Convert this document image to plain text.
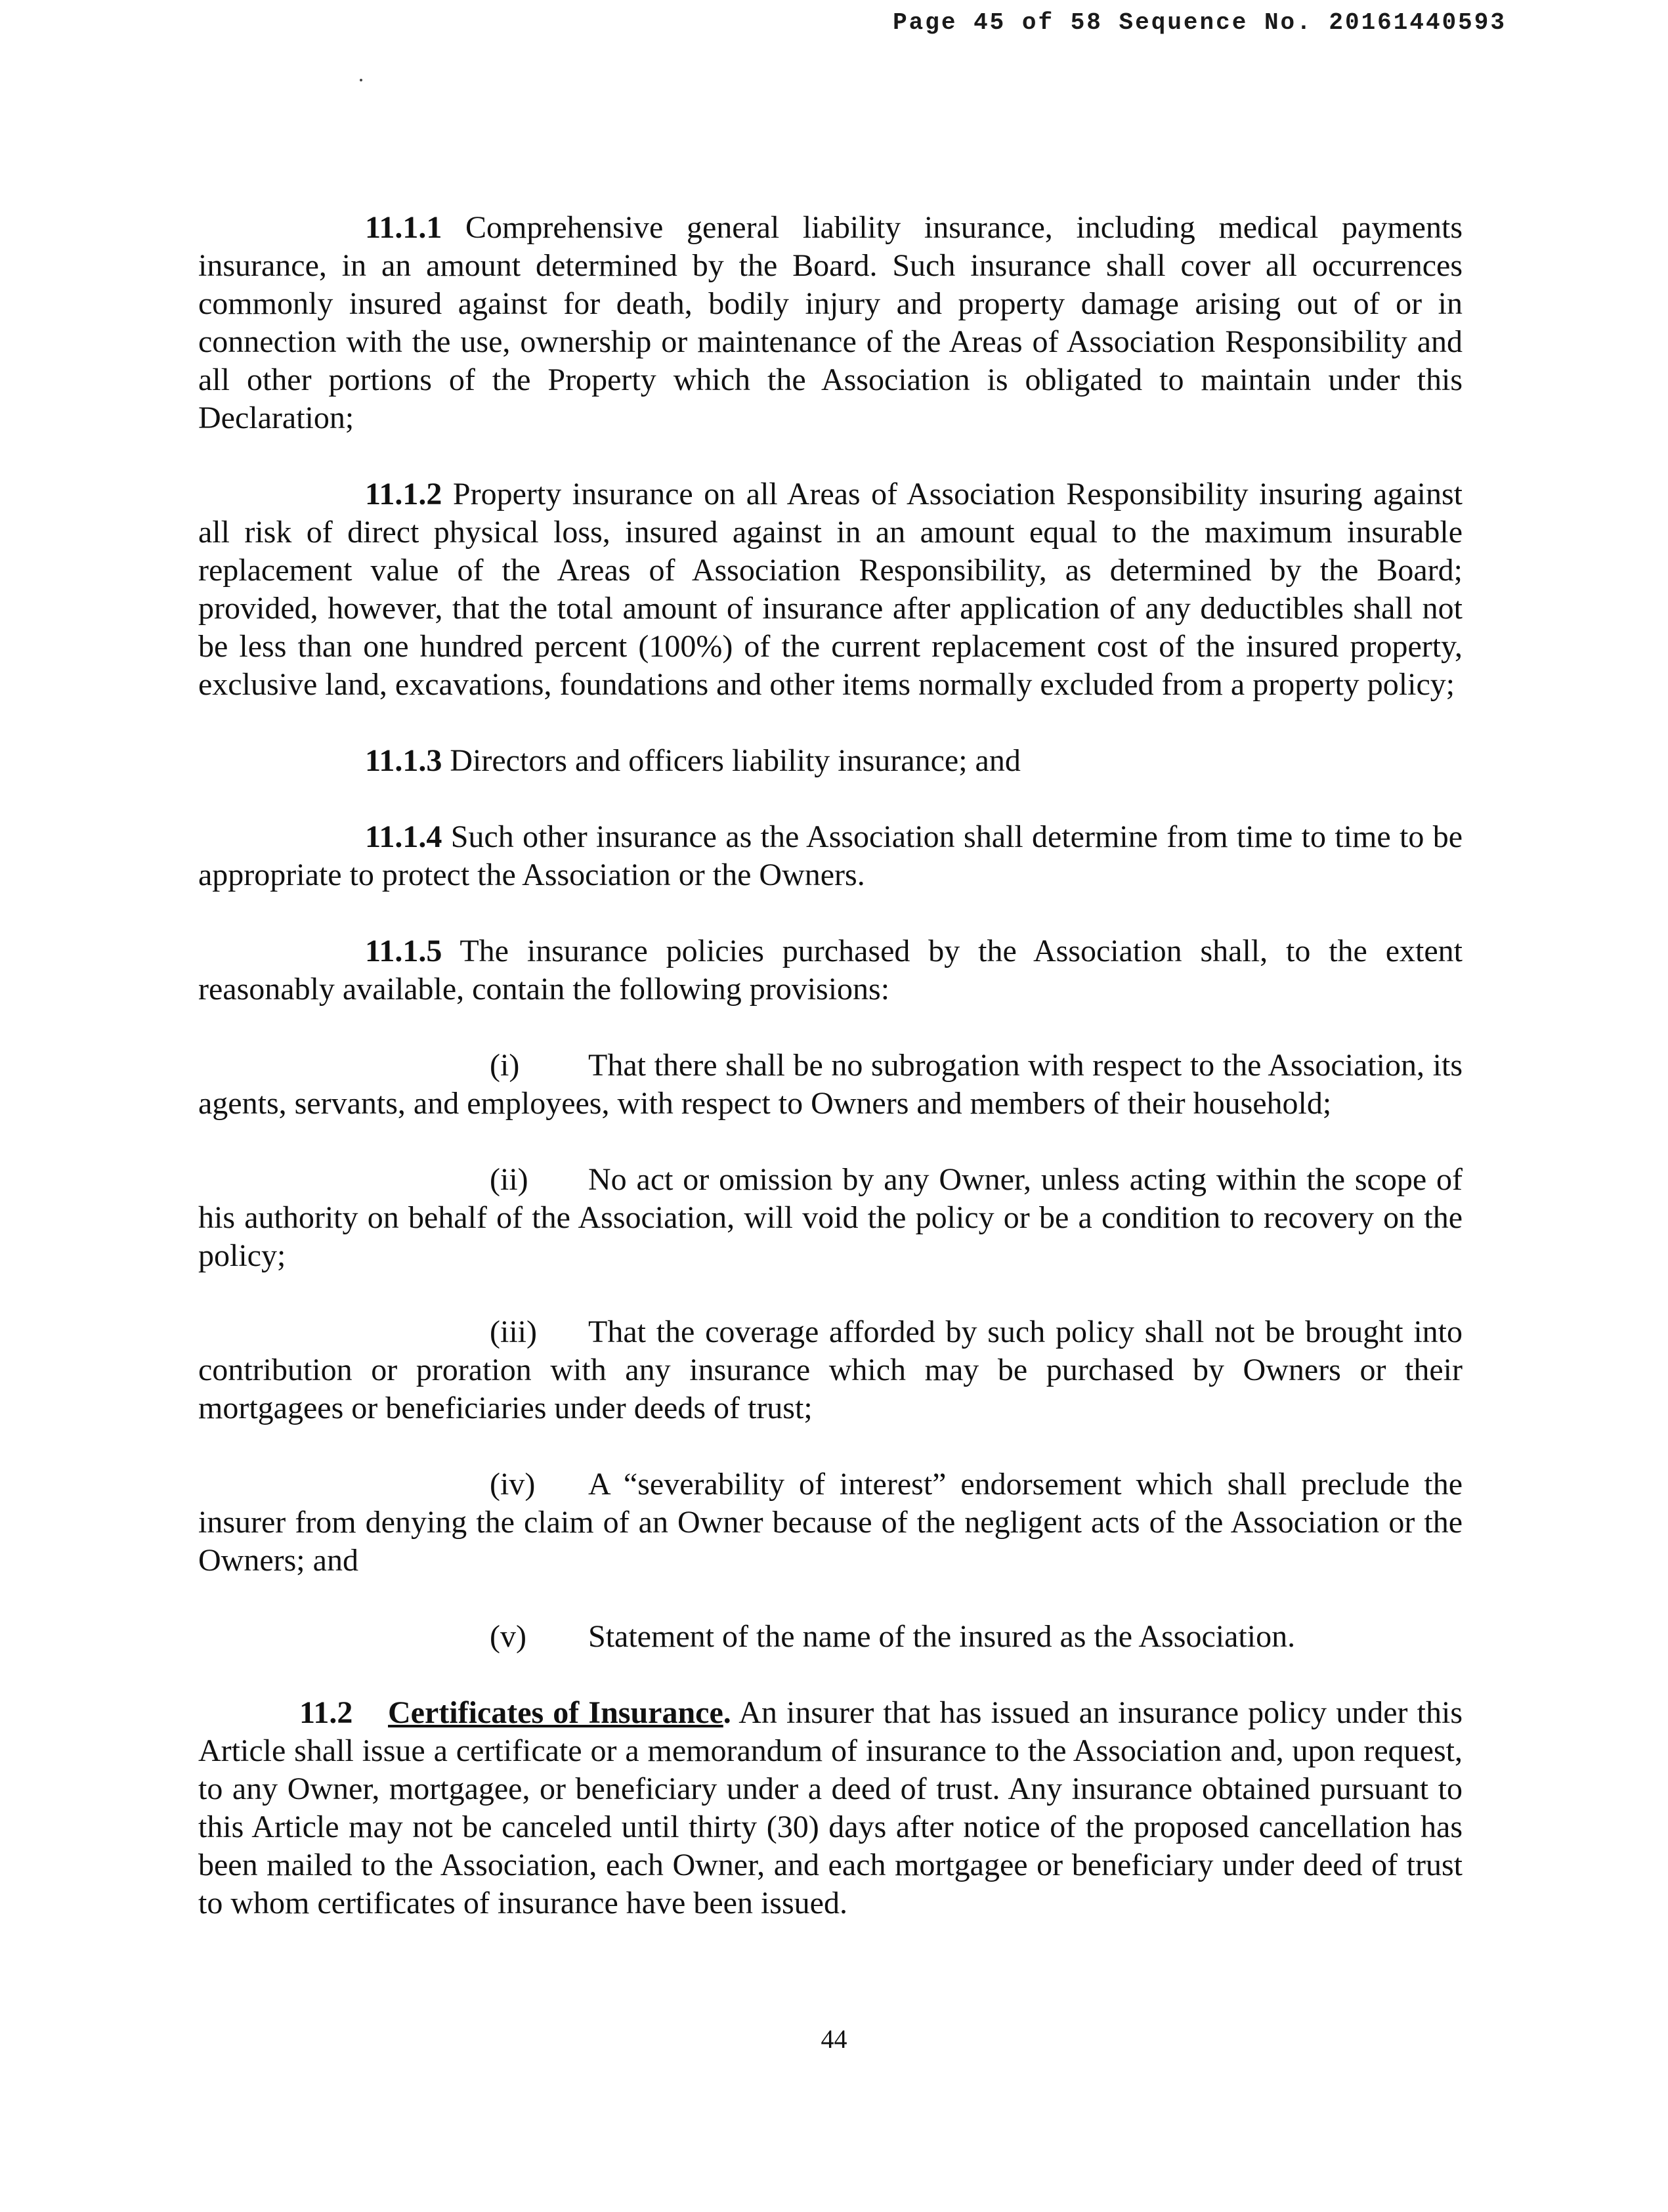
Page 45 of 58 Sequence No. 20161440593

11.1.1 Comprehensive general liability insurance, including medical payments insurance, in an amount determined by the Board. Such insurance shall cover all occurrences commonly insured against for death, bodily injury and property damage arising out of or in connection with the use, ownership or maintenance of the Areas of Association Responsibility and all other portions of the Property which the Association is obligated to maintain under this Declaration;

11.1.2 Property insurance on all Areas of Association Responsibility insuring against all risk of direct physical loss, insured against in an amount equal to the maximum insurable replacement value of the Areas of Association Responsibility, as determined by the Board; provided, however, that the total amount of insurance after application of any deductibles shall not be less than one hundred percent (100%) of the current replacement cost of the insured property, exclusive land, excavations, foundations and other items normally excluded from a property policy;

11.1.3 Directors and officers liability insurance; and

11.1.4 Such other insurance as the Association shall determine from time to time to be appropriate to protect the Association or the Owners.

11.1.5 The insurance policies purchased by the Association shall, to the extent reasonably available, contain the following provisions:

(i) That there shall be no subrogation with respect to the Association, its agents, servants, and employees, with respect to Owners and members of their household;

(ii) No act or omission by any Owner, unless acting within the scope of his authority on behalf of the Association, will void the policy or be a condition to recovery on the policy;

(iii) That the coverage afforded by such policy shall not be brought into contribution or proration with any insurance which may be purchased by Owners or their mortgagees or beneficiaries under deeds of trust;

(iv) A “severability of interest” endorsement which shall preclude the insurer from denying the claim of an Owner because of the negligent acts of the Association or the Owners; and

(v) Statement of the name of the insured as the Association.

11.2 Certificates of Insurance. An insurer that has issued an insurance policy under this Article shall issue a certificate or a memorandum of insurance to the Association and, upon request, to any Owner, mortgagee, or beneficiary under a deed of trust. Any insurance obtained pursuant to this Article may not be canceled until thirty (30) days after notice of the proposed cancellation has been mailed to the Association, each Owner, and each mortgagee or beneficiary under deed of trust to whom certificates of insurance have been issued.

44
